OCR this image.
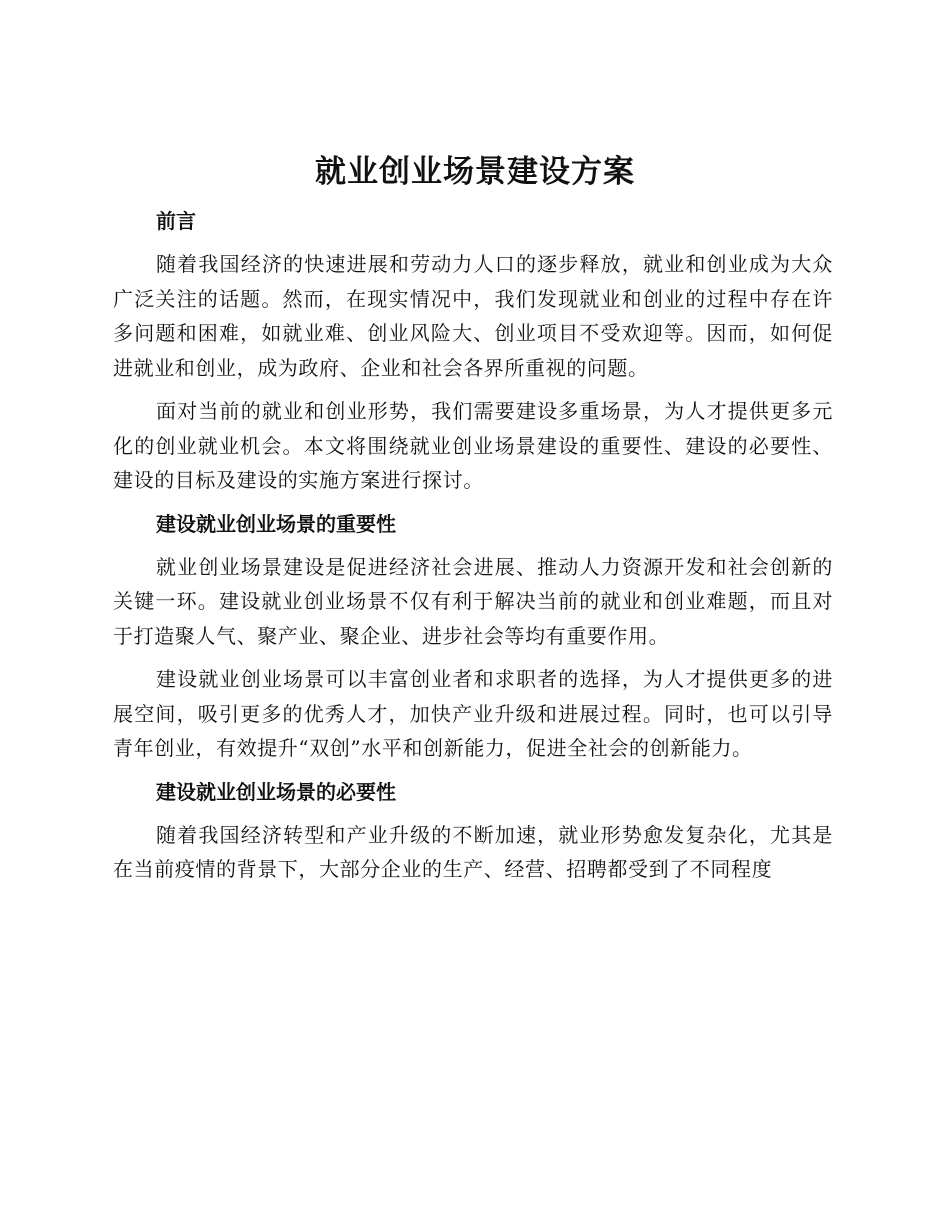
就业创业场景建设方案

前言

随着我国经济的快速进展和劳动力人口的逐步释放，就业和创业成为大众广泛关注的话题。然而，在现实情况中，我们发现就业和创业的过程中存在许多问题和困难，如就业难、创业风险大、创业项目不受欢迎等。因而，如何促进就业和创业，成为政府、企业和社会各界所重视的问题。

面对当前的就业和创业形势，我们需要建设多重场景，为人才提供更多元化的创业就业机会。本文将围绕就业创业场景建设的重要性、建设的必要性、建设的目标及建设的实施方案进行探讨。

建设就业创业场景的重要性

就业创业场景建设是促进经济社会进展、推动人力资源开发和社会创新的关键一环。建设就业创业场景不仅有利于解决当前的就业和创业难题，而且对于打造聚人气、聚产业、聚企业、进步社会等均有重要作用。

建设就业创业场景可以丰富创业者和求职者的选择，为人才提供更多的进展空间，吸引更多的优秀人才，加快产业升级和进展过程。同时，也可以引导青年创业，有效提升“双创”水平和创新能力，促进全社会的创新能力。

建设就业创业场景的必要性

随着我国经济转型和产业升级的不断加速，就业形势愈发复杂化，尤其是在当前疫情的背景下，大部分企业的生产、经营、招聘都受到了不同程度
